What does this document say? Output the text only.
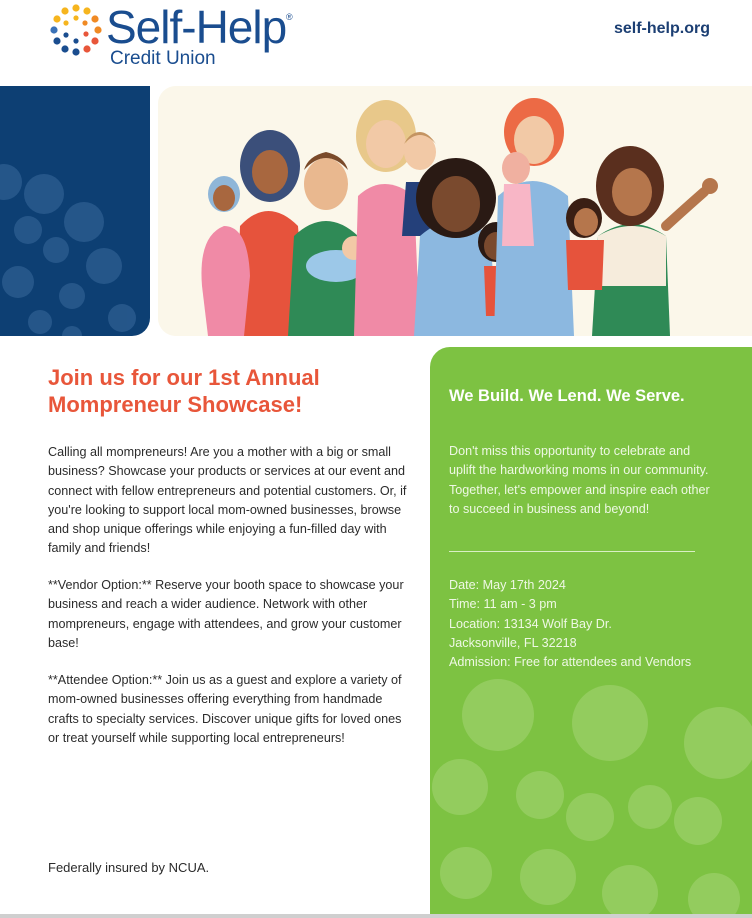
Self-Help ®
Credit Union
self-help.org
Join us for our 1st Annual
Mompreneur Showcase!

Calling all mompreneurs! Are you a mother with a big or small business? Showcase your products or services at our event and connect with fellow entrepreneurs and potential customers. Or, if you're looking to support local mom-owned businesses, browse and shop unique offerings while enjoying a fun-filled day with family and friends!

**Vendor Option:** Reserve your booth space to showcase your business and reach a wider audience. Network with other mompreneurs, engage with attendees, and grow your customer base!

**Attendee Option:** Join us as a guest and explore a variety of mom-owned businesses offering everything from handmade crafts to specialty services. Discover unique gifts for loved ones or treat yourself while supporting local entrepreneurs!

Federally insured by NCUA.
We Build. We Lend. We Serve.
Don't miss this opportunity to celebrate and uplift the hardworking moms in our community. Together, let's empower and inspire each other to succeed in business and beyond!
Date: May 17th 2024
Time: 11 am - 3 pm
Location: 13134 Wolf Bay Dr.
Jacksonville, FL 32218
Admission: Free for attendees and Vendors
